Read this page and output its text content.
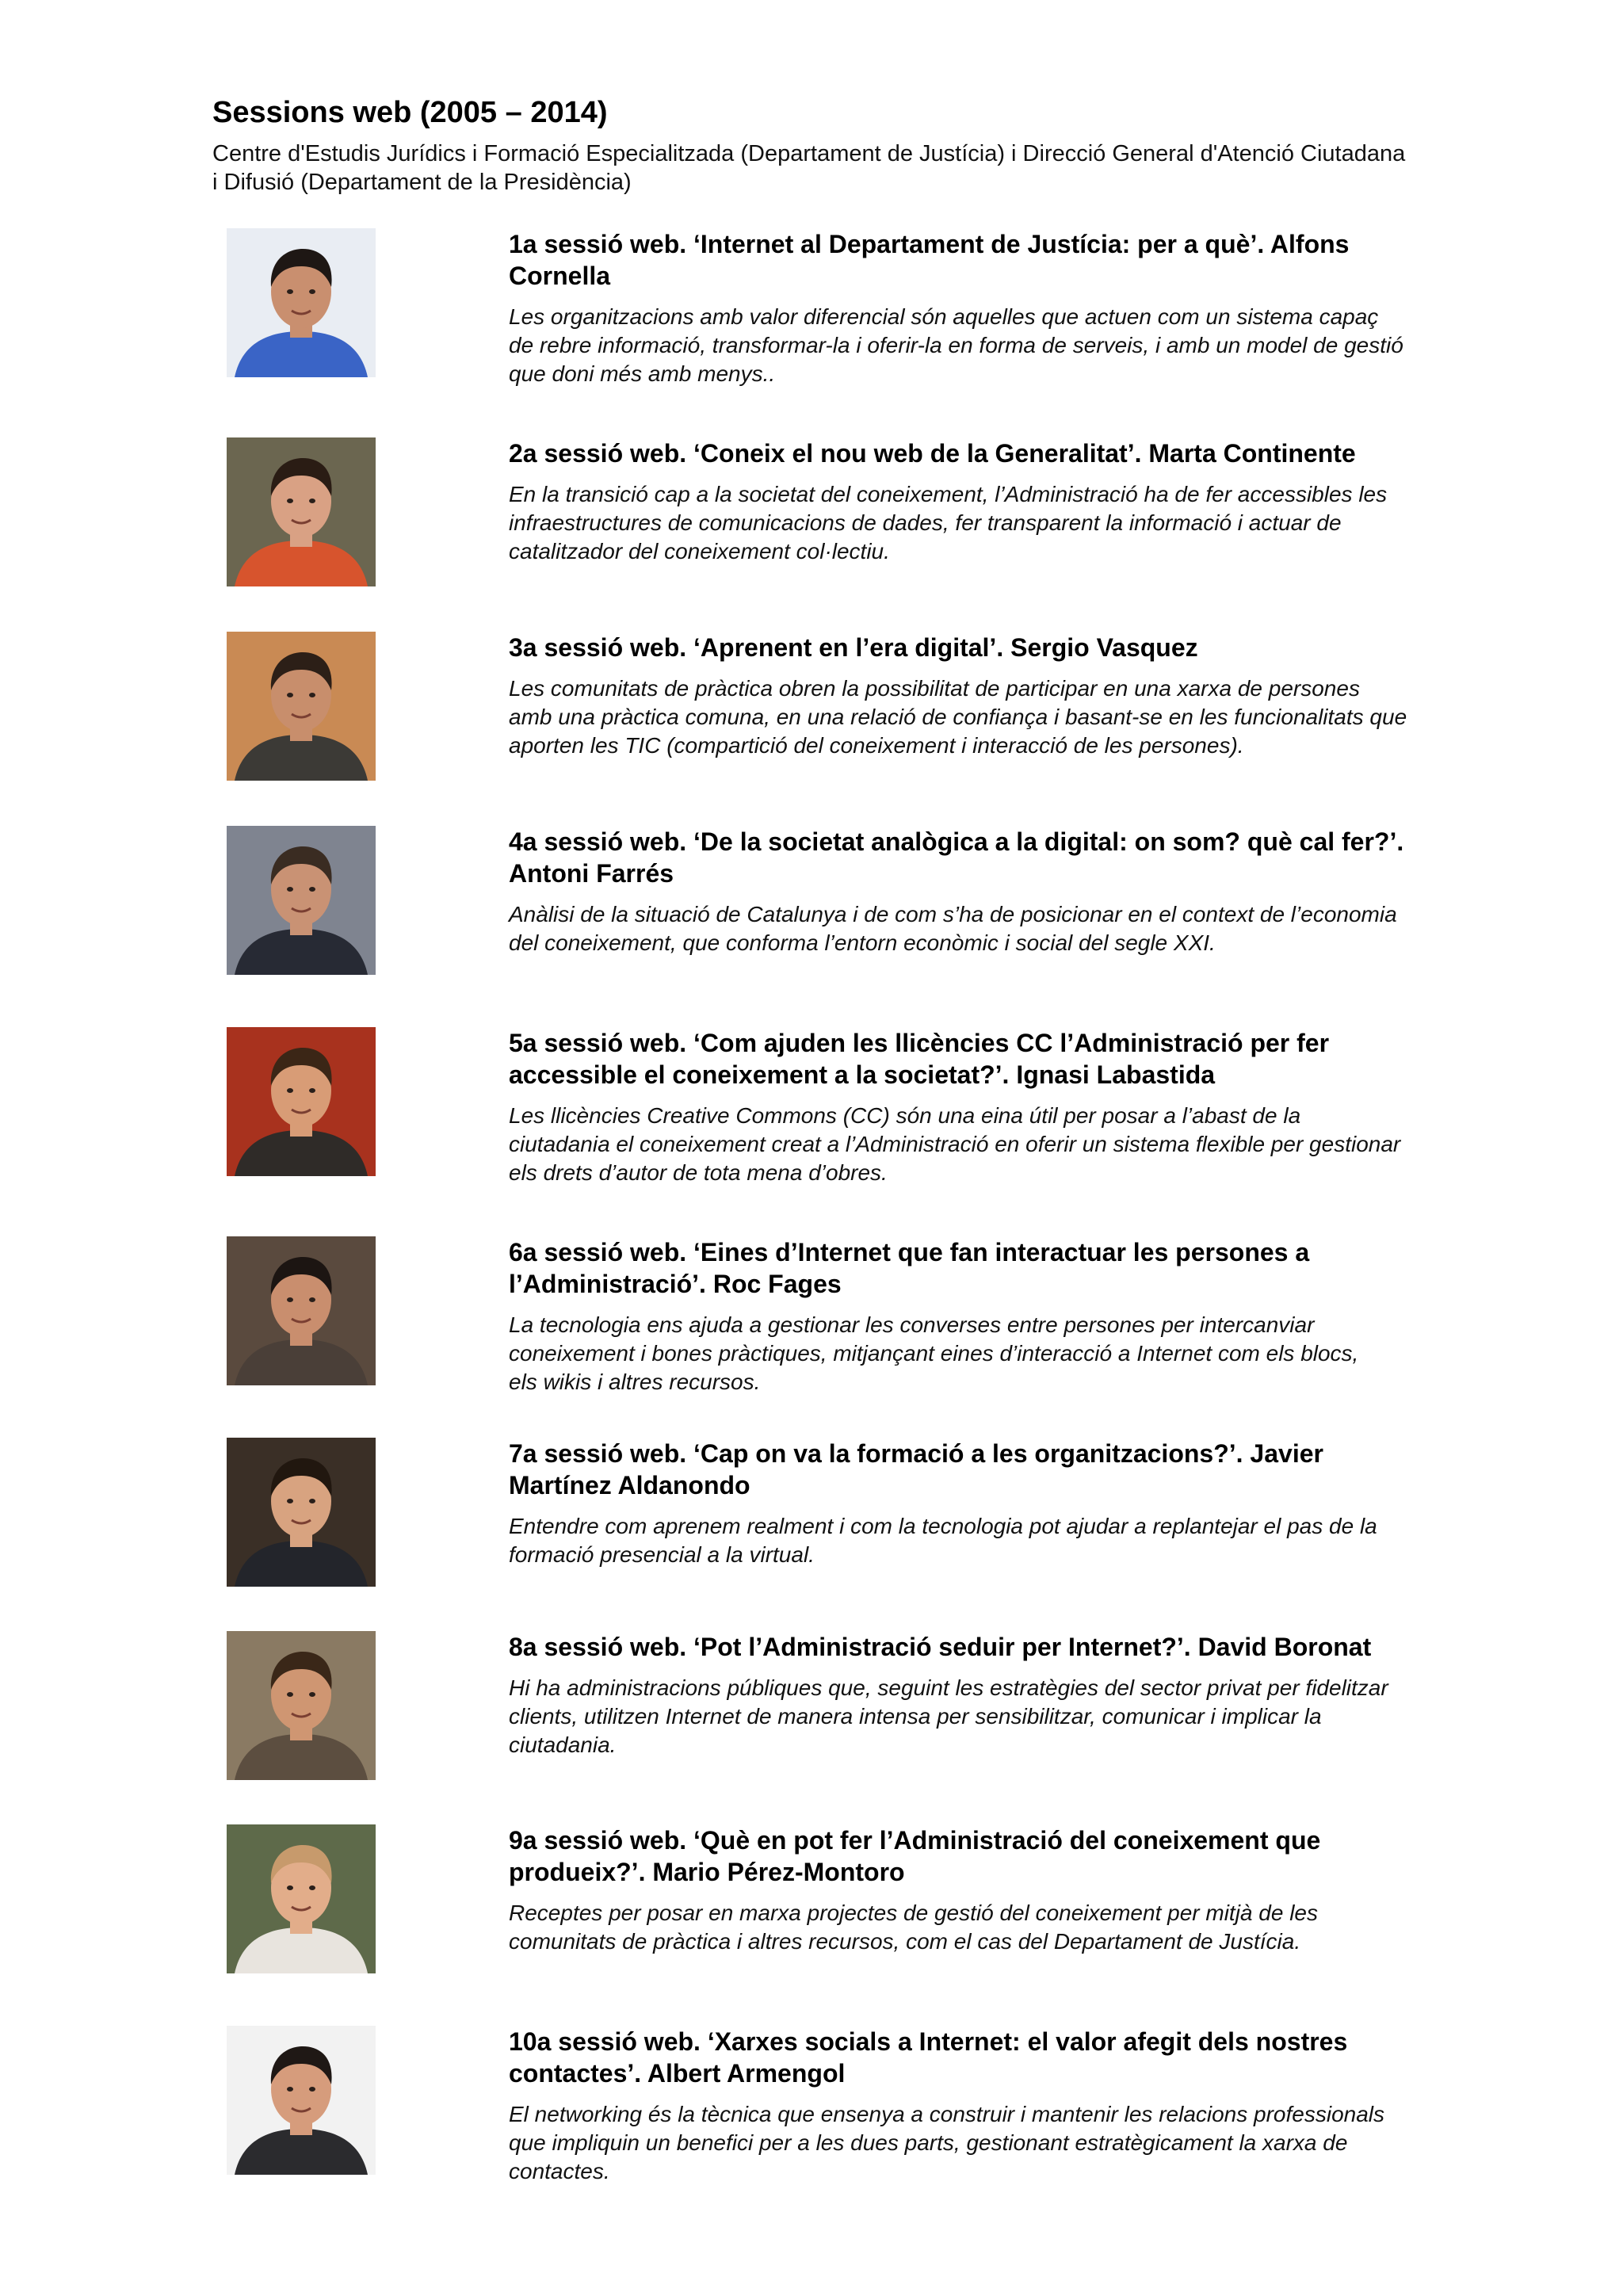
Sessions web (2005 – 2014)
Centre d'Estudis Jurídics i Formació Especialitzada (Departament de Justícia) i Direcció General d'Atenció Ciutadana
i Difusió (Departament de la Presidència)
1a sessió web. ‘Internet al Departament de Justícia: per a què’. Alfons
Cornella
Les organitzacions amb valor diferencial són aquelles que actuen com un sistema capaç
de rebre informació, transformar-la i oferir-la en forma de serveis, i amb un model de gestió
que doni més amb menys..
2a sessió web. ‘Coneix el nou web de la Generalitat’. Marta Continente
En la transició cap a la societat del coneixement, l’Administració ha de fer accessibles les
infraestructures de comunicacions de dades, fer transparent la informació i actuar de
catalitzador del coneixement col·lectiu.
3a sessió web. ‘Aprenent en l’era digital’. Sergio Vasquez
Les comunitats de pràctica obren la possibilitat de participar en una xarxa de persones
amb una pràctica comuna, en una relació de confiança i basant-se en les funcionalitats que
aporten les TIC (compartició del coneixement i interacció de les persones).
4a sessió web. ‘De la societat analògica a la digital: on som? què cal fer?’.
Antoni Farrés
Anàlisi de la situació de Catalunya i de com s’ha de posicionar en el context de l’economia
del coneixement, que conforma l’entorn econòmic i social del segle XXI.
5a sessió web. ‘Com ajuden les llicències CC l’Administració per fer
accessible el coneixement a la societat?’. Ignasi Labastida
Les llicències Creative Commons (CC) són una eina útil per posar a l’abast de la
ciutadania el coneixement creat a l’Administració en oferir un sistema flexible per gestionar
els drets d’autor de tota mena d’obres.
6a sessió web. ‘Eines d’Internet que fan interactuar les persones a
l’Administració’. Roc Fages
La tecnologia ens ajuda a gestionar les converses entre persones per intercanviar
coneixement i bones pràctiques, mitjançant eines d’interacció a Internet com els blocs,
els wikis i altres recursos.
7a sessió web. ‘Cap on va la formació a les organitzacions?’. Javier
Martínez Aldanondo
Entendre com aprenem realment i com la tecnologia pot ajudar a replantejar el pas de la
formació presencial a la virtual.
8a sessió web. ‘Pot l’Administració seduir per Internet?’. David Boronat
Hi ha administracions públiques que, seguint les estratègies del sector privat per fidelitzar
clients, utilitzen Internet de manera intensa per sensibilitzar, comunicar i implicar la
ciutadania.
9a sessió web. ‘Què en pot fer l’Administració del coneixement que
produeix?’. Mario Pérez-Montoro
Receptes per posar en marxa projectes de gestió del coneixement per mitjà de les
comunitats de pràctica i altres recursos, com el cas del Departament de Justícia.
10a sessió web. ‘Xarxes socials a Internet: el valor afegit dels nostres
contactes’. Albert Armengol
El networking és la tècnica que ensenya a construir i mantenir les relacions professionals
que impliquin un benefici per a les dues parts, gestionant estratègicament la xarxa de
contactes.
